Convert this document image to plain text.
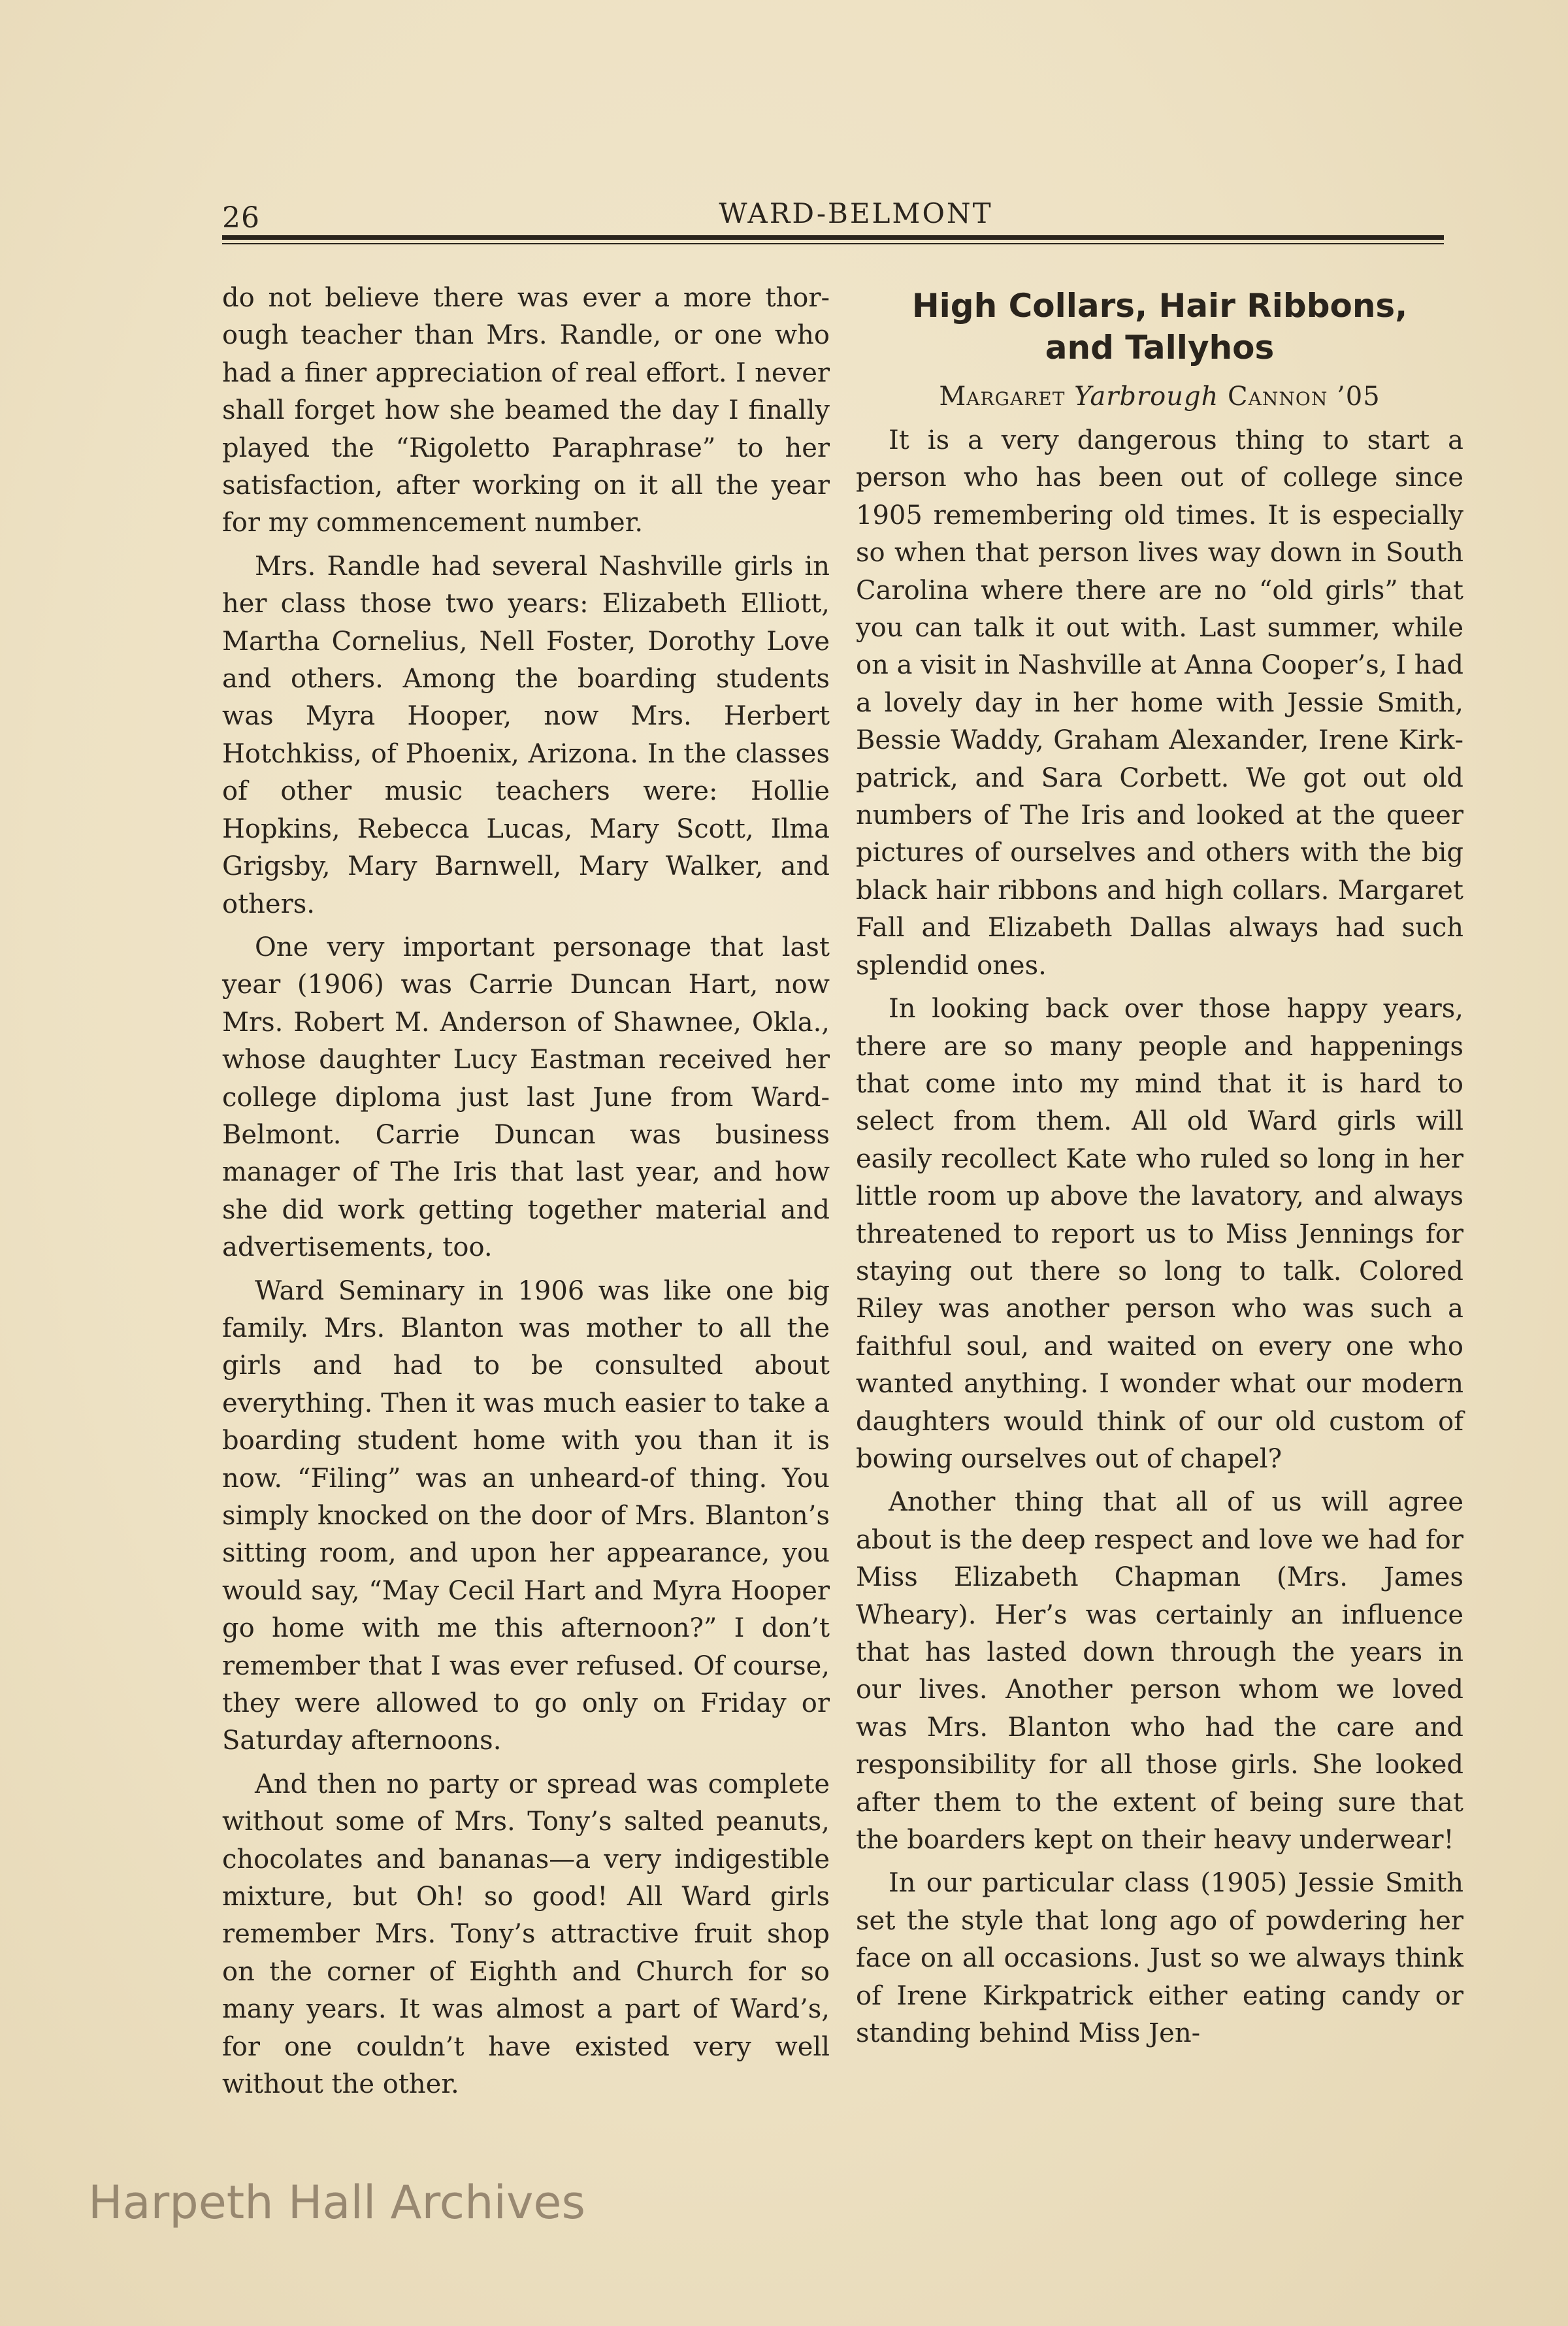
26	WARD-BELMONT

do not believe there was ever a more thorough teacher than Mrs. Randle, or one who had a finer appreciation of real effort. I never shall forget how she beamed the day I finally played the “Rigoletto Paraphrase” to her satisfaction, after working on it all the year for my commencement number.

Mrs. Randle had several Nashville girls in her class those two years: Elizabeth Elliott, Martha Cornelius, Nell Foster, Dorothy Love and others. Among the boarding students was Myra Hooper, now Mrs. Herbert Hotchkiss, of Phoenix, Arizona. In the classes of other music teachers were: Hollie Hopkins, Rebecca Lucas, Mary Scott, Ilma Grigsby, Mary Barnwell, Mary Walker, and others.

One very important personage that last year (1906) was Carrie Duncan Hart, now Mrs. Robert M. Anderson of Shawnee, Okla., whose daughter Lucy Eastman received her college diploma just last June from Ward-Belmont. Carrie Duncan was business manager of The Iris that last year, and how she did work getting together material and advertisements, too.

Ward Seminary in 1906 was like one big family. Mrs. Blanton was mother to all the girls and had to be consulted about everything. Then it was much easier to take a boarding student home with you than it is now. “Filing” was an unheard-of thing. You simply knocked on the door of Mrs. Blanton’s sitting room, and upon her appearance, you would say, “May Cecil Hart and Myra Hooper go home with me this afternoon?” I don’t remember that I was ever refused. Of course, they were allowed to go only on Friday or Saturday afternoons.

And then no party or spread was complete without some of Mrs. Tony’s salted peanuts, chocolates and bananas—a very indigestible mixture, but Oh! so good! All Ward girls remember Mrs. Tony’s attractive fruit shop on the corner of Eighth and Church for so many years. It was almost a part of Ward’s, for one couldn’t have existed very well without the other.

High Collars, Hair Ribbons,
and Tallyhos
Margaret Yarbrough Cannon ’05

It is a very dangerous thing to start a person who has been out of college since 1905 remembering old times. It is especially so when that person lives way down in South Carolina where there are no “old girls” that you can talk it out with. Last summer, while on a visit in Nashville at Anna Cooper’s, I had a lovely day in her home with Jessie Smith, Bessie Waddy, Graham Alexander, Irene Kirkpatrick, and Sara Corbett. We got out old numbers of The Iris and looked at the queer pictures of ourselves and others with the big black hair ribbons and high collars. Margaret Fall and Elizabeth Dallas always had such splendid ones.

In looking back over those happy years, there are so many people and happenings that come into my mind that it is hard to select from them. All old Ward girls will easily recollect Kate who ruled so long in her little room up above the lavatory, and always threatened to report us to Miss Jennings for staying out there so long to talk. Colored Riley was another person who was such a faithful soul, and waited on every one who wanted anything. I wonder what our modern daughters would think of our old custom of bowing ourselves out of chapel?

Another thing that all of us will agree about is the deep respect and love we had for Miss Elizabeth Chapman (Mrs. James Wheary). Her’s was certainly an influence that has lasted down through the years in our lives. Another person whom we loved was Mrs. Blanton who had the care and responsibility for all those girls. She looked after them to the extent of being sure that the boarders kept on their heavy underwear!

In our particular class (1905) Jessie Smith set the style that long ago of powdering her face on all occasions. Just so we always think of Irene Kirkpatrick either eating candy or standing behind Miss Jen-

Harpeth Hall Archives
